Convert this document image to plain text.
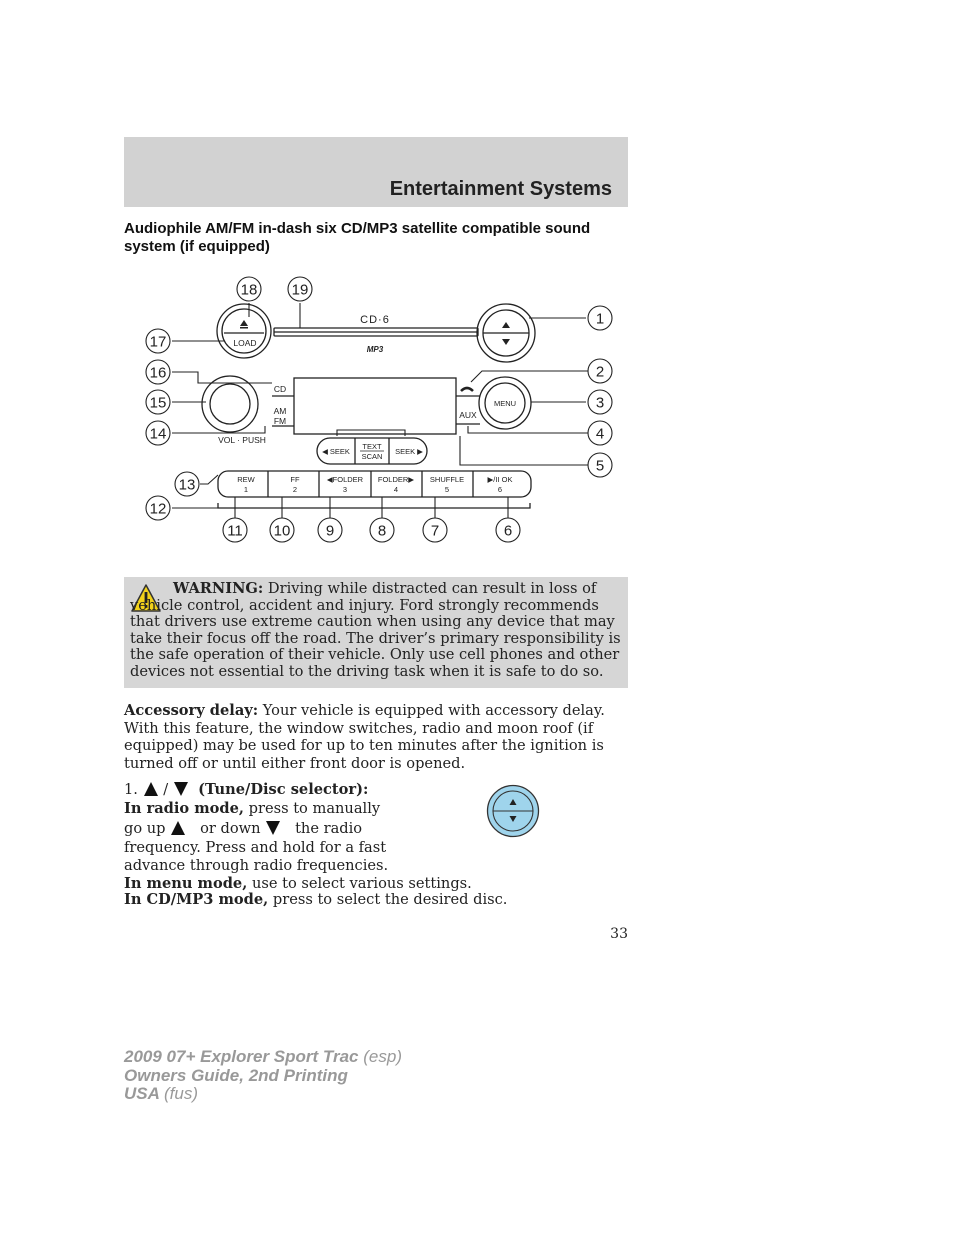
Entertainment Systems
Audiophile AM/FM in-dash six CD/MP3 satellite compatible sound system (if equipped)
LOAD
CD·6
MP3
CD
AM
FM
VOL · PUSH
MENU
AUX
◀ SEEK
TEXT
SCAN
SEEK ▶
REW
1
FF
2
◀FOLDER
3
FOLDER▶
4
SHUFFLE
5
▶/II OK
6
18 19
1
17
16	2
15	3
14	4
5
13
12
11 10 9	8	7	6
WARNING: Driving while distracted can result in loss of vehicle control, accident and injury. Ford strongly recommends that drivers use extreme caution when using any device that may take their focus off the road. The driver’s primary responsibility is the safe operation of their vehicle. Only use cell phones and other devices not essential to the driving task when it is safe to do so.
Accessory delay: Your vehicle is equipped with accessory delay. With this feature, the window switches, radio and moon roof (if equipped) may be used for up to ten minutes after the ignition is turned off or until either front door is opened.
1. / (Tune/Disc selector):
In radio mode, press to manually
go up or down the radio
frequency. Press and hold for a fast
advance through radio frequencies.
In menu mode, use to select various settings.
In CD/MP3 mode, press to select the desired disc.
33
2009 07+ Explorer Sport Trac (esp)
Owners Guide, 2nd Printing
USA (fus)
